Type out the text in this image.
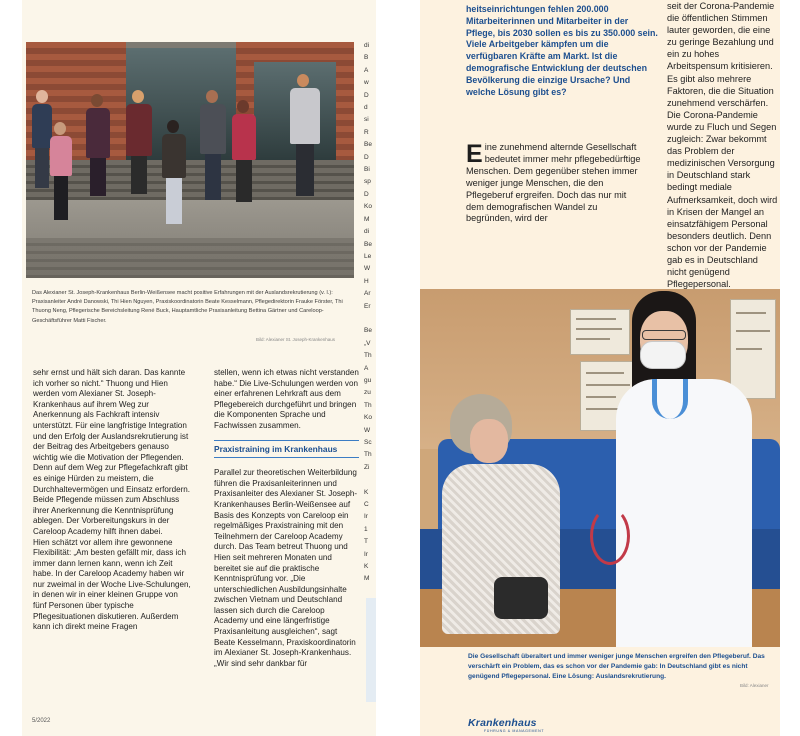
Das Alexianer St. Joseph-Krankenhaus Berlin-Weißensee macht positive Erfahrungen mit der Auslandsrekrutierung (v. l.): Praxisanleiter André Danowski, Thi Hien Nguyen, Praxiskoordinatorin Beate Kesselmann, Pflegedirektorin Frauke Förster, Thi Thuong Neng, Pflegerische Bereichsleitung René Buck, Hauptamtliche Praxisanleitung Bettina Gärtner und Careloop-Geschäftsführer Matti Fischer.
Bild: Alexianer St. Joseph-Krankenhaus

sehr ernst und hält sich daran. Das kannte ich vorher so nicht.“ Thuong und Hien werden vom Alexianer St. Joseph-Krankenhaus auf ihrem Weg zur Anerkennung als Fachkraft intensiv unterstützt. Für eine langfristige Integration und den Erfolg der Auslandsrekrutierung ist der Beitrag des Arbeitgebers genauso wichtig wie die Motivation der Pflegenden. Denn auf dem Weg zur Pflegefachkraft gibt es einige Hürden zu meistern, die Durchhaltevermögen und Einsatz erfordern. Beide Pflegende müssen zum Abschluss ihrer Anerkennung die Kenntnisprüfung ablegen. Der Vorbereitungskurs in der Careloop Academy hilft ihnen dabei.

Hien schätzt vor allem ihre gewonnene Flexibilität: „Am besten gefällt mir, dass ich immer dann lernen kann, wenn ich Zeit habe. In der Careloop Academy haben wir nur zweimal in der Woche Live-Schulungen, in denen wir in einer kleinen Gruppe von fünf Personen über typische Pflegesituationen diskutieren. Außerdem kann ich direkt meine Fragen

stellen, wenn ich etwas nicht verstanden habe.“ Die Live-Schulungen werden von einer erfahrenen Lehrkraft aus dem Pflegebereich durchgeführt und bringen die Komponenten Sprache und Fachwissen zusammen.

Praxistraining im Krankenhaus

Parallel zur theoretischen Weiterbildung führen die Praxisanleiterinnen und Praxisanleiter des Alexianer St. Joseph-Krankenhauses Berlin-Weißensee auf Basis des Konzepts von Careloop ein regelmäßiges Praxistraining mit den Teilnehmern der Careloop Academy durch. Das Team betreut Thuong und Hien seit mehreren Monaten und bereitet sie auf die praktische Kenntnisprüfung vor. „Die unterschiedlichen Ausbildungsinhalte zwischen Vietnam und Deutschland lassen sich durch die Careloop Academy und eine längerfristige Praxisanleitung ausgleichen“, sagt Beate Kesselmann, Praxiskoordinatorin im Alexianer St. Joseph-Krankenhaus. „Wir sind sehr dankbar für

5/2022
di
B
A
w
D
d
si
R
Be
D
Bi
sp
D
Ko
M
di
Be
Le
W
H
Ar
Er

Be
„V
Th
A
gu
zu
Th
Ko
W
Sc
Th
Zi

K
C
Ir
1
T
Ir
K
M
heitseinrichtungen fehlen 200.000 Mitarbeiterinnen und Mitarbeiter in der Pflege, bis 2030 sollen es bis zu 350.000 sein. Viele Arbeitgeber kämpfen um die verfügbaren Kräfte am Markt. Ist die demografische Entwicklung der deutschen Bevölkerung die einzige Ursache? Und welche Lösung gibt es?
Eine zunehmend alternde Gesellschaft bedeutet immer mehr pflegebedürftige Menschen. Dem gegenüber stehen immer weniger junge Menschen, die den Pflegeberuf ergreifen. Doch das nur mit dem demografischen Wandel zu begründen, wird der
seit der Corona-Pandemie die öffentlichen Stimmen lauter geworden, die eine zu geringe Bezahlung und ein zu hohes Arbeitspensum kritisieren. Es gibt also mehrere Faktoren, die die Situation zunehmend verschärfen. Die Corona-Pandemie wurde zu Fluch und Segen zugleich: Zwar bekommt das Problem der medizinischen Versorgung in Deutschland stark bedingt mediale Aufmerksamkeit, doch wird in Krisen der Mangel an einsatzfähigem Personal besonders deutlich. Denn schon vor der Pandemie gab es in Deutschland nicht genügend Pflegepersonal.
Die Gesellschaft überaltert und immer weniger junge Menschen ergreifen den Pflegeberuf. Das verschärft ein Problem, das es schon vor der Pandemie gab: In Deutschland gibt es nicht genügend Pflegepersonal. Eine Lösung: Auslandsrekrutierung.
Bild: Alexianer
Krankenhaus
FÜHRUNG & MANAGEMENT
